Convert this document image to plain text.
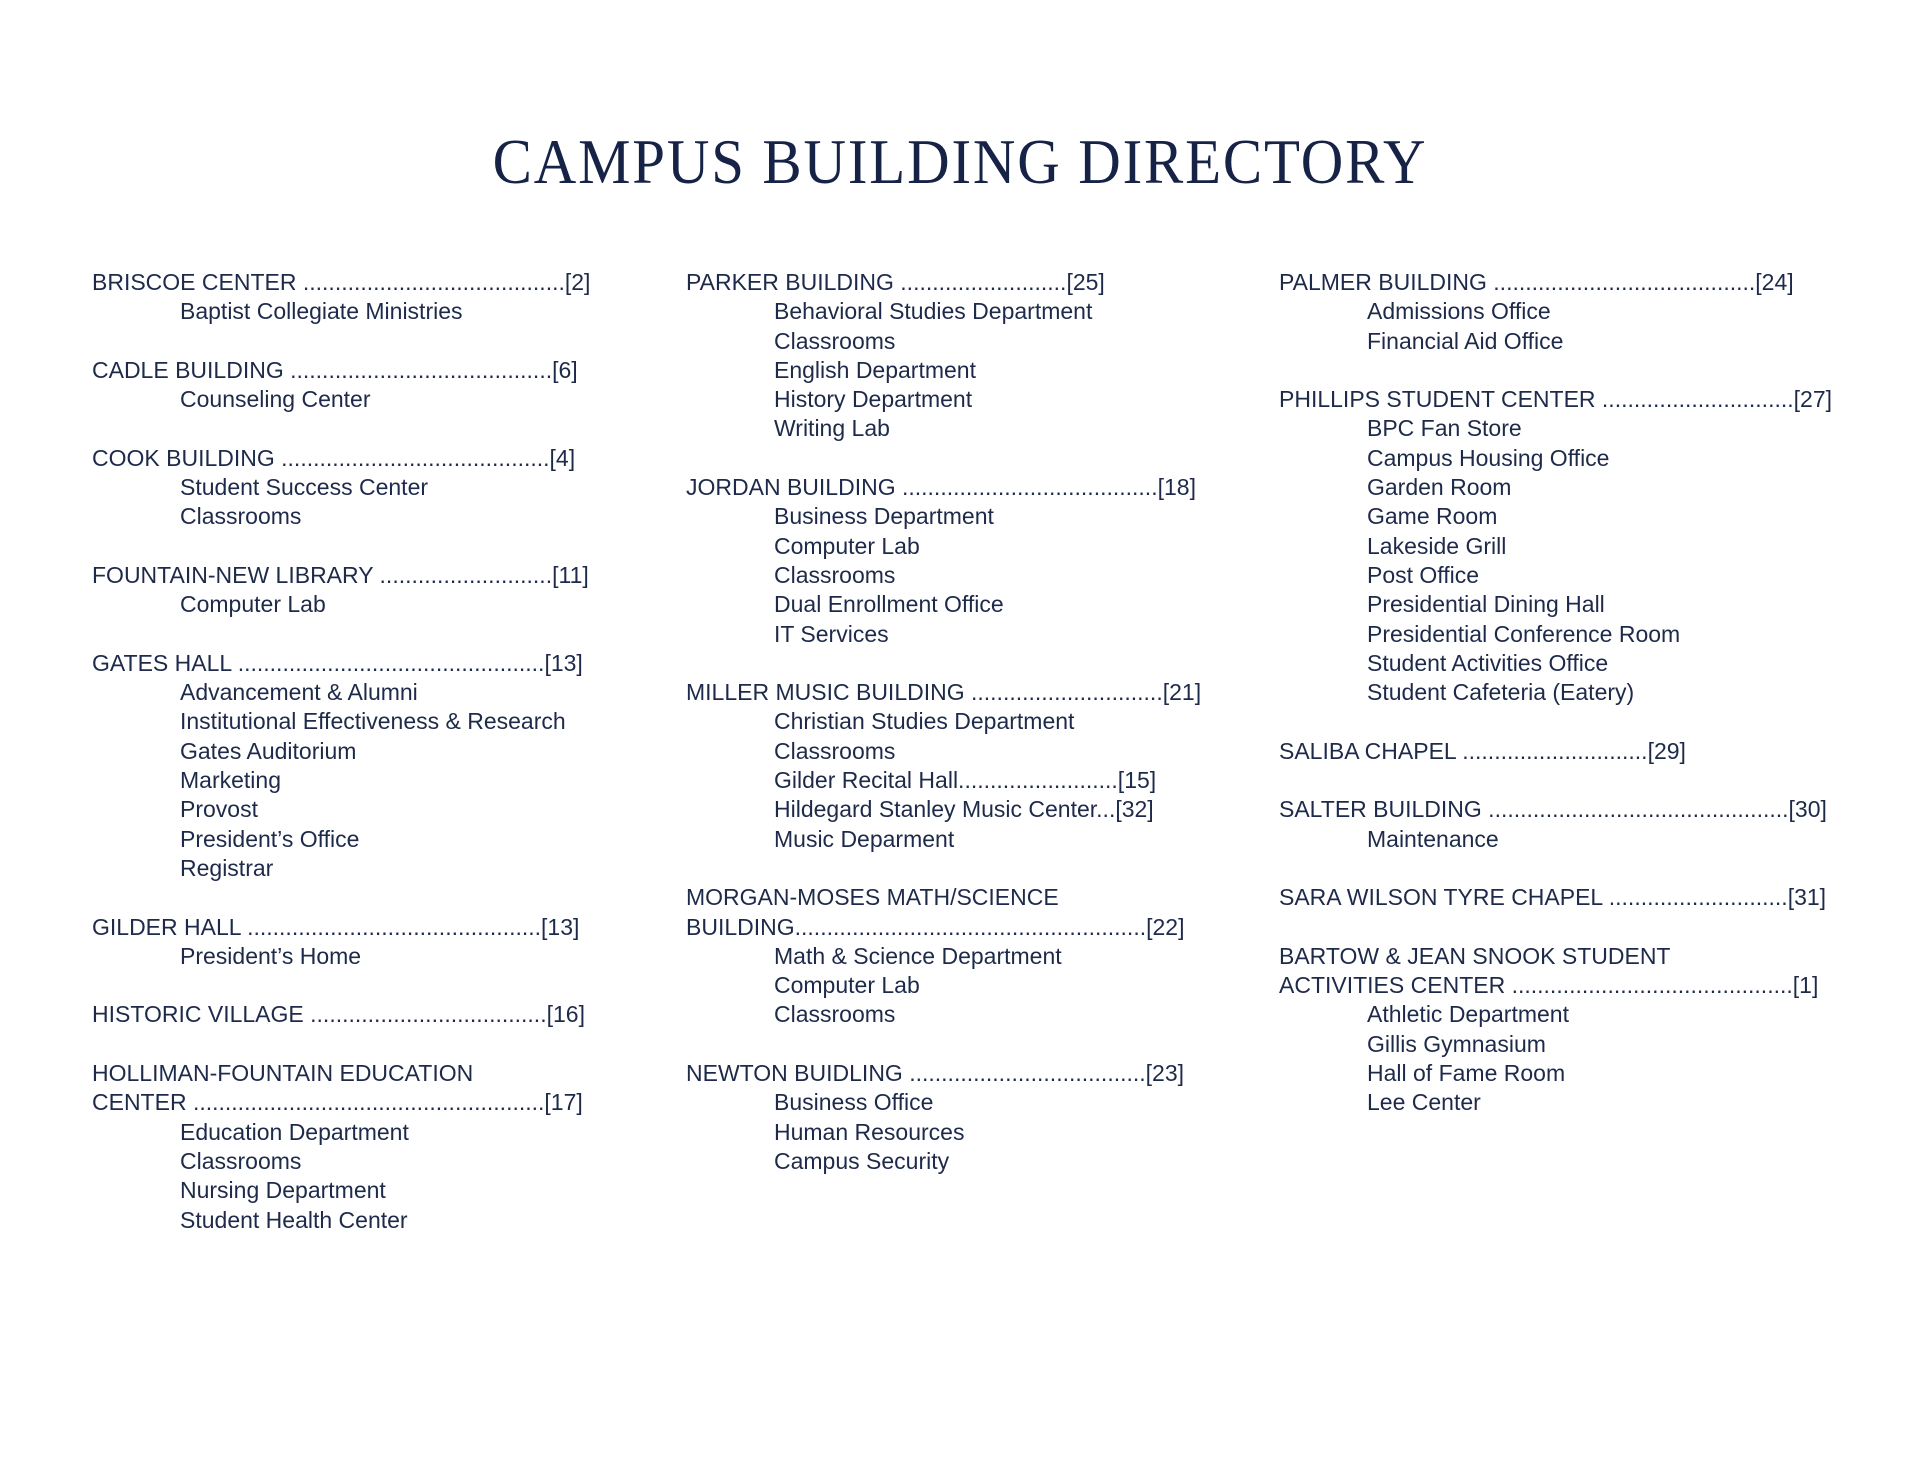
CAMPUS BUILDING DIRECTORY
BRISCOE CENTER .........................................[2]
Baptist Collegiate Ministries
CADLE BUILDING .........................................[6]
Counseling Center
COOK BUILDING ..........................................[4]
Student Success Center
Classrooms
FOUNTAIN-NEW LIBRARY ...........................[11]
Computer Lab
GATES HALL ................................................[13]
Advancement & Alumni
Institutional Effectiveness & Research
Gates Auditorium
Marketing
Provost
President’s Office
Registrar
GILDER HALL ..............................................[13]
President’s Home
HISTORIC VILLAGE .....................................[16]
HOLLIMAN-FOUNTAIN EDUCATION
CENTER .......................................................[17]
Education Department
Classrooms
Nursing Department
Student Health Center
PARKER BUILDING ..........................[25]
Behavioral Studies Department
Classrooms
English Department
History Department
Writing Lab
JORDAN BUILDING ........................................[18]
Business Department
Computer Lab
Classrooms
Dual Enrollment Office
IT Services
MILLER MUSIC BUILDING ..............................[21]
Christian Studies Department
Classrooms
Gilder Recital Hall.........................[15]
Hildegard Stanley Music Center...[32]
Music Deparment
MORGAN-MOSES MATH/SCIENCE
BUILDING.......................................................[22]
Math & Science Department
Computer Lab
Classrooms
NEWTON BUIDLING .....................................[23]
Business Office
Human Resources
Campus Security
PALMER BUILDING .........................................[24]
Admissions Office
Financial Aid Office
PHILLIPS STUDENT CENTER ..............................[27]
BPC Fan Store
Campus Housing Office
Garden Room
Game Room
Lakeside Grill
Post Office
Presidential Dining Hall
Presidential Conference Room
Student Activities Office
Student Cafeteria (Eatery)
SALIBA CHAPEL .............................[29]
SALTER BUILDING ...............................................[30]
Maintenance
SARA WILSON TYRE CHAPEL ............................[31]
BARTOW & JEAN SNOOK STUDENT
ACTIVITIES CENTER ............................................[1]
Athletic Department
Gillis Gymnasium
Hall of Fame Room
Lee Center
